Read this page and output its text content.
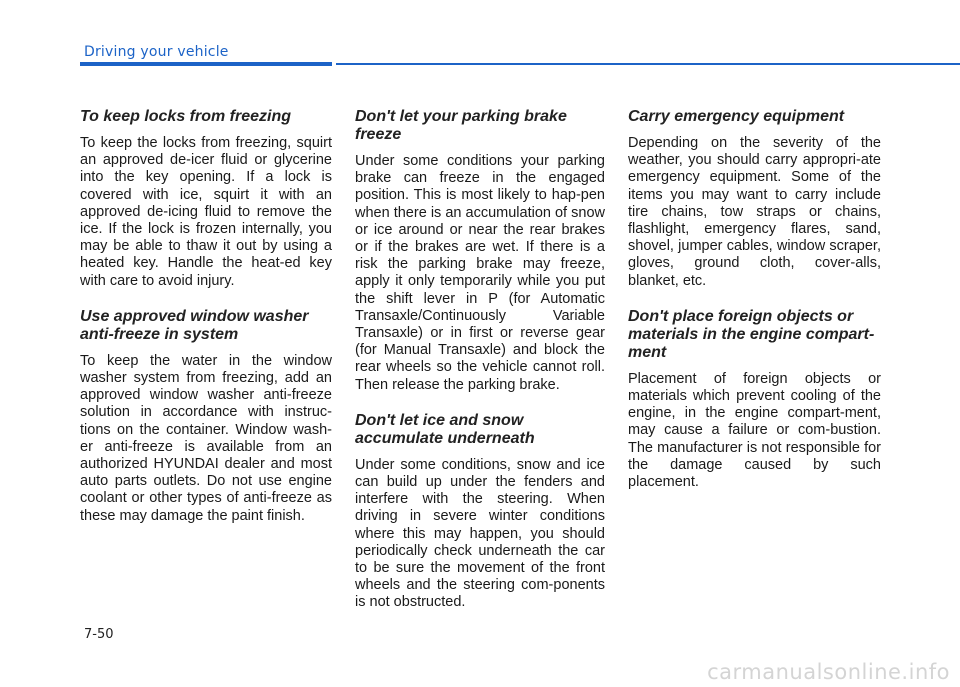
Driving your vehicle
To keep locks from freezing

To keep the locks from freezing, squirt an approved de-icer fluid or glycerine into the key opening. If a lock is covered with ice, squirt it with an approved de-icing fluid to remove the ice. If the lock is frozen internally, you may be able to thaw it out by using a heated key. Handle the heat-ed key with care to avoid injury.

Use approved window washer anti-freeze in system

To keep the water in the window washer system from freezing, add an approved window washer anti-freeze solution in accordance with instruc-tions on the container. Window wash-er anti-freeze is available from an authorized HYUNDAI dealer and most auto parts outlets. Do not use engine coolant or other types of anti-freeze as these may damage the paint finish.

Don't let your parking brake freeze

Under some conditions your parking brake can freeze in the engaged position. This is most likely to hap-pen when there is an accumulation of snow or ice around or near the rear brakes or if the brakes are wet. If there is a risk the parking brake may freeze, apply it only temporarily while you put the shift lever in P (for Automatic Transaxle/Continuously Variable Transaxle) or in first or reverse gear (for Manual Transaxle) and block the rear wheels so the vehicle cannot roll. Then release the parking brake.

Don't let ice and snow accumulate underneath

Under some conditions, snow and ice can build up under the fenders and interfere with the steering. When driving in severe winter conditions where this may happen, you should periodically check underneath the car to be sure the movement of the front wheels and the steering com-ponents is not obstructed.

Carry emergency equipment

Depending on the severity of the weather, you should carry appropri-ate emergency equipment. Some of the items you may want to carry include tire chains, tow straps or chains, flashlight, emergency flares, sand, shovel, jumper cables, window scraper, gloves, ground cloth, cover-alls, blanket, etc.

Don't place foreign objects or materials in the engine compart-ment

Placement of foreign objects or materials which prevent cooling of the engine, in the engine compart-ment, may cause a failure or com-bustion. The manufacturer is not responsible for the damage caused by such placement.

7-50
carmanualsonline.info
